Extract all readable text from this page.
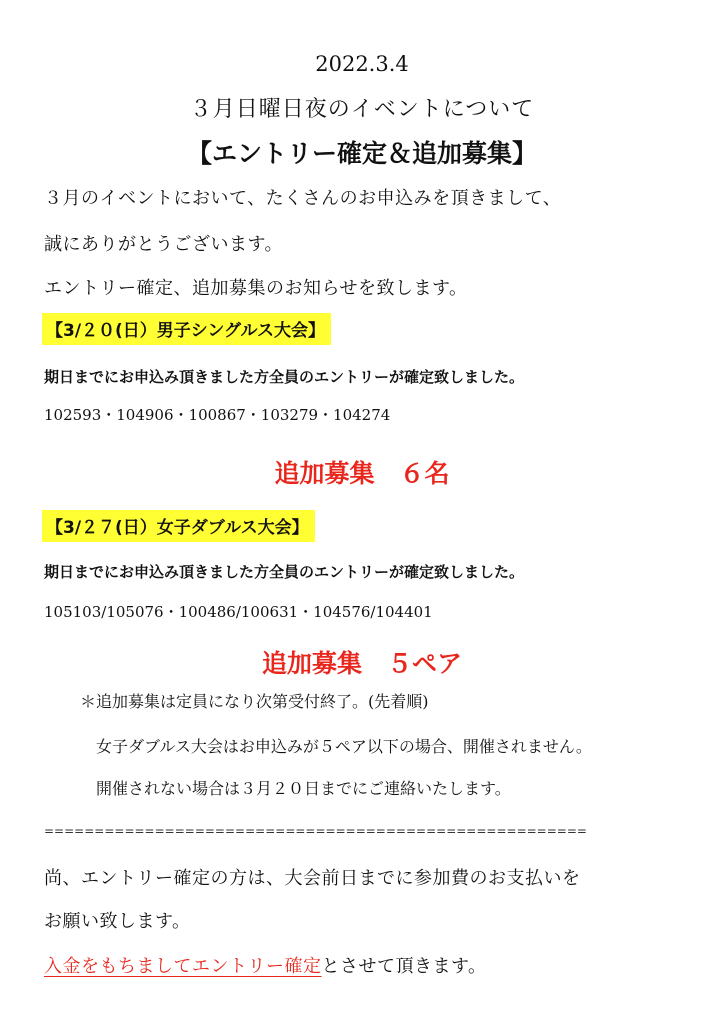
2022.3.4
３月日曜日夜のイベントについて
【エントリー確定＆追加募集】
３月のイベントにおいて、たくさんのお申込みを頂きまして、
誠にありがとうございます。
エントリー確定、追加募集のお知らせを致します。
【3/２０(日）男子シングルス大会】
期日までにお申込み頂きました方全員のエントリーが確定致しました。
102593・104906・100867・103279・104274
追加募集　６名
【3/２７(日）女子ダブルス大会】
期日までにお申込み頂きました方全員のエントリーが確定致しました。
105103/105076・100486/100631・104576/104401
追加募集　５ペア
＊追加募集は定員になり次第受付終了。(先着順)
女子ダブルス大会はお申込みが５ペア以下の場合、開催されません。
開催されない場合は３月２０日までにご連絡いたします。
======================================================
尚、エントリー確定の方は、大会前日までに参加費のお支払いを
お願い致します。
入金をもちましてエントリー確定とさせて頂きます。
